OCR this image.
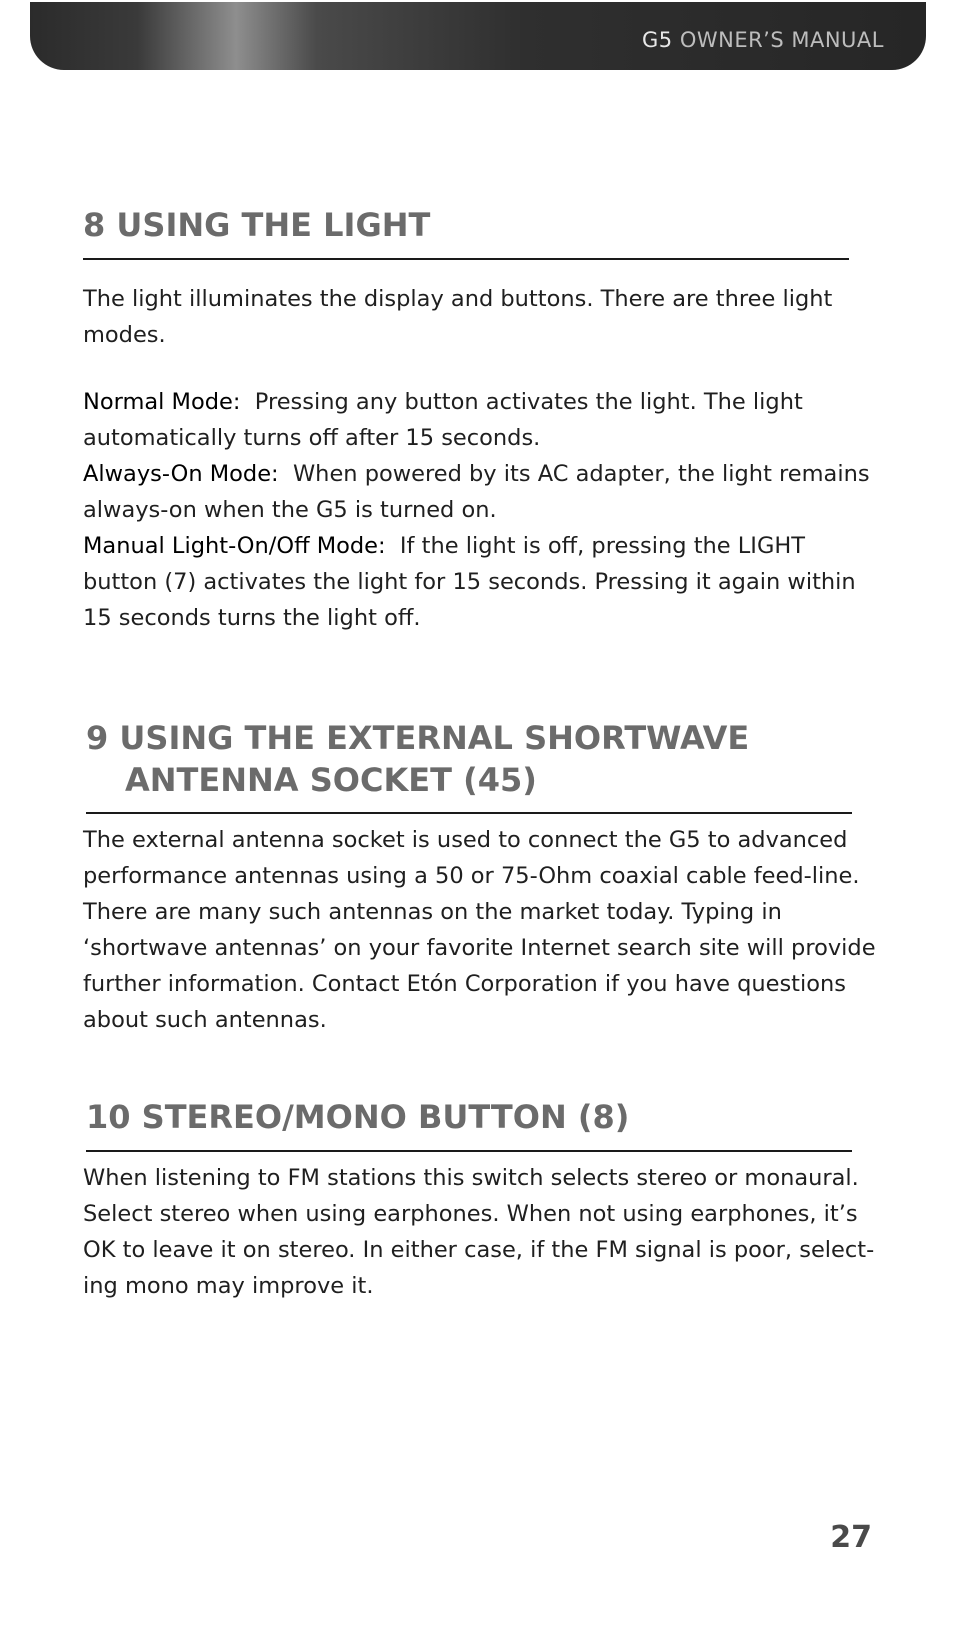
G5 OWNER’S MANUAL
8 USING THE LIGHT

The light illuminates the display and buttons. There are three light modes.

Normal Mode: Pressing any button activates the light. The light automatically turns off after 15 seconds.
Always-On Mode: When powered by its AC adapter, the light remains always-on when the G5 is turned on.
Manual Light-On/Off Mode: If the light is off, pressing the LIGHT button (7) activates the light for 15 seconds. Pressing it again within 15 seconds turns the light off.

9 USING THE EXTERNAL SHORTWAVE
ANTENNA SOCKET (45)

The external antenna socket is used to connect the G5 to advanced performance antennas using a 50 or 75-Ohm coaxial cable feed-line. There are many such antennas on the market today. Typing in ‘shortwave antennas’ on your favorite Internet search site will provide further information. Contact Etón Corporation if you have questions about such antennas.

10 STEREO/MONO BUTTON (8)

When listening to FM stations this switch selects stereo or monaural. Select stereo when using earphones. When not using earphones, it’s OK to leave it on stereo. In either case, if the FM signal is poor, select-ing mono may improve it.

27
